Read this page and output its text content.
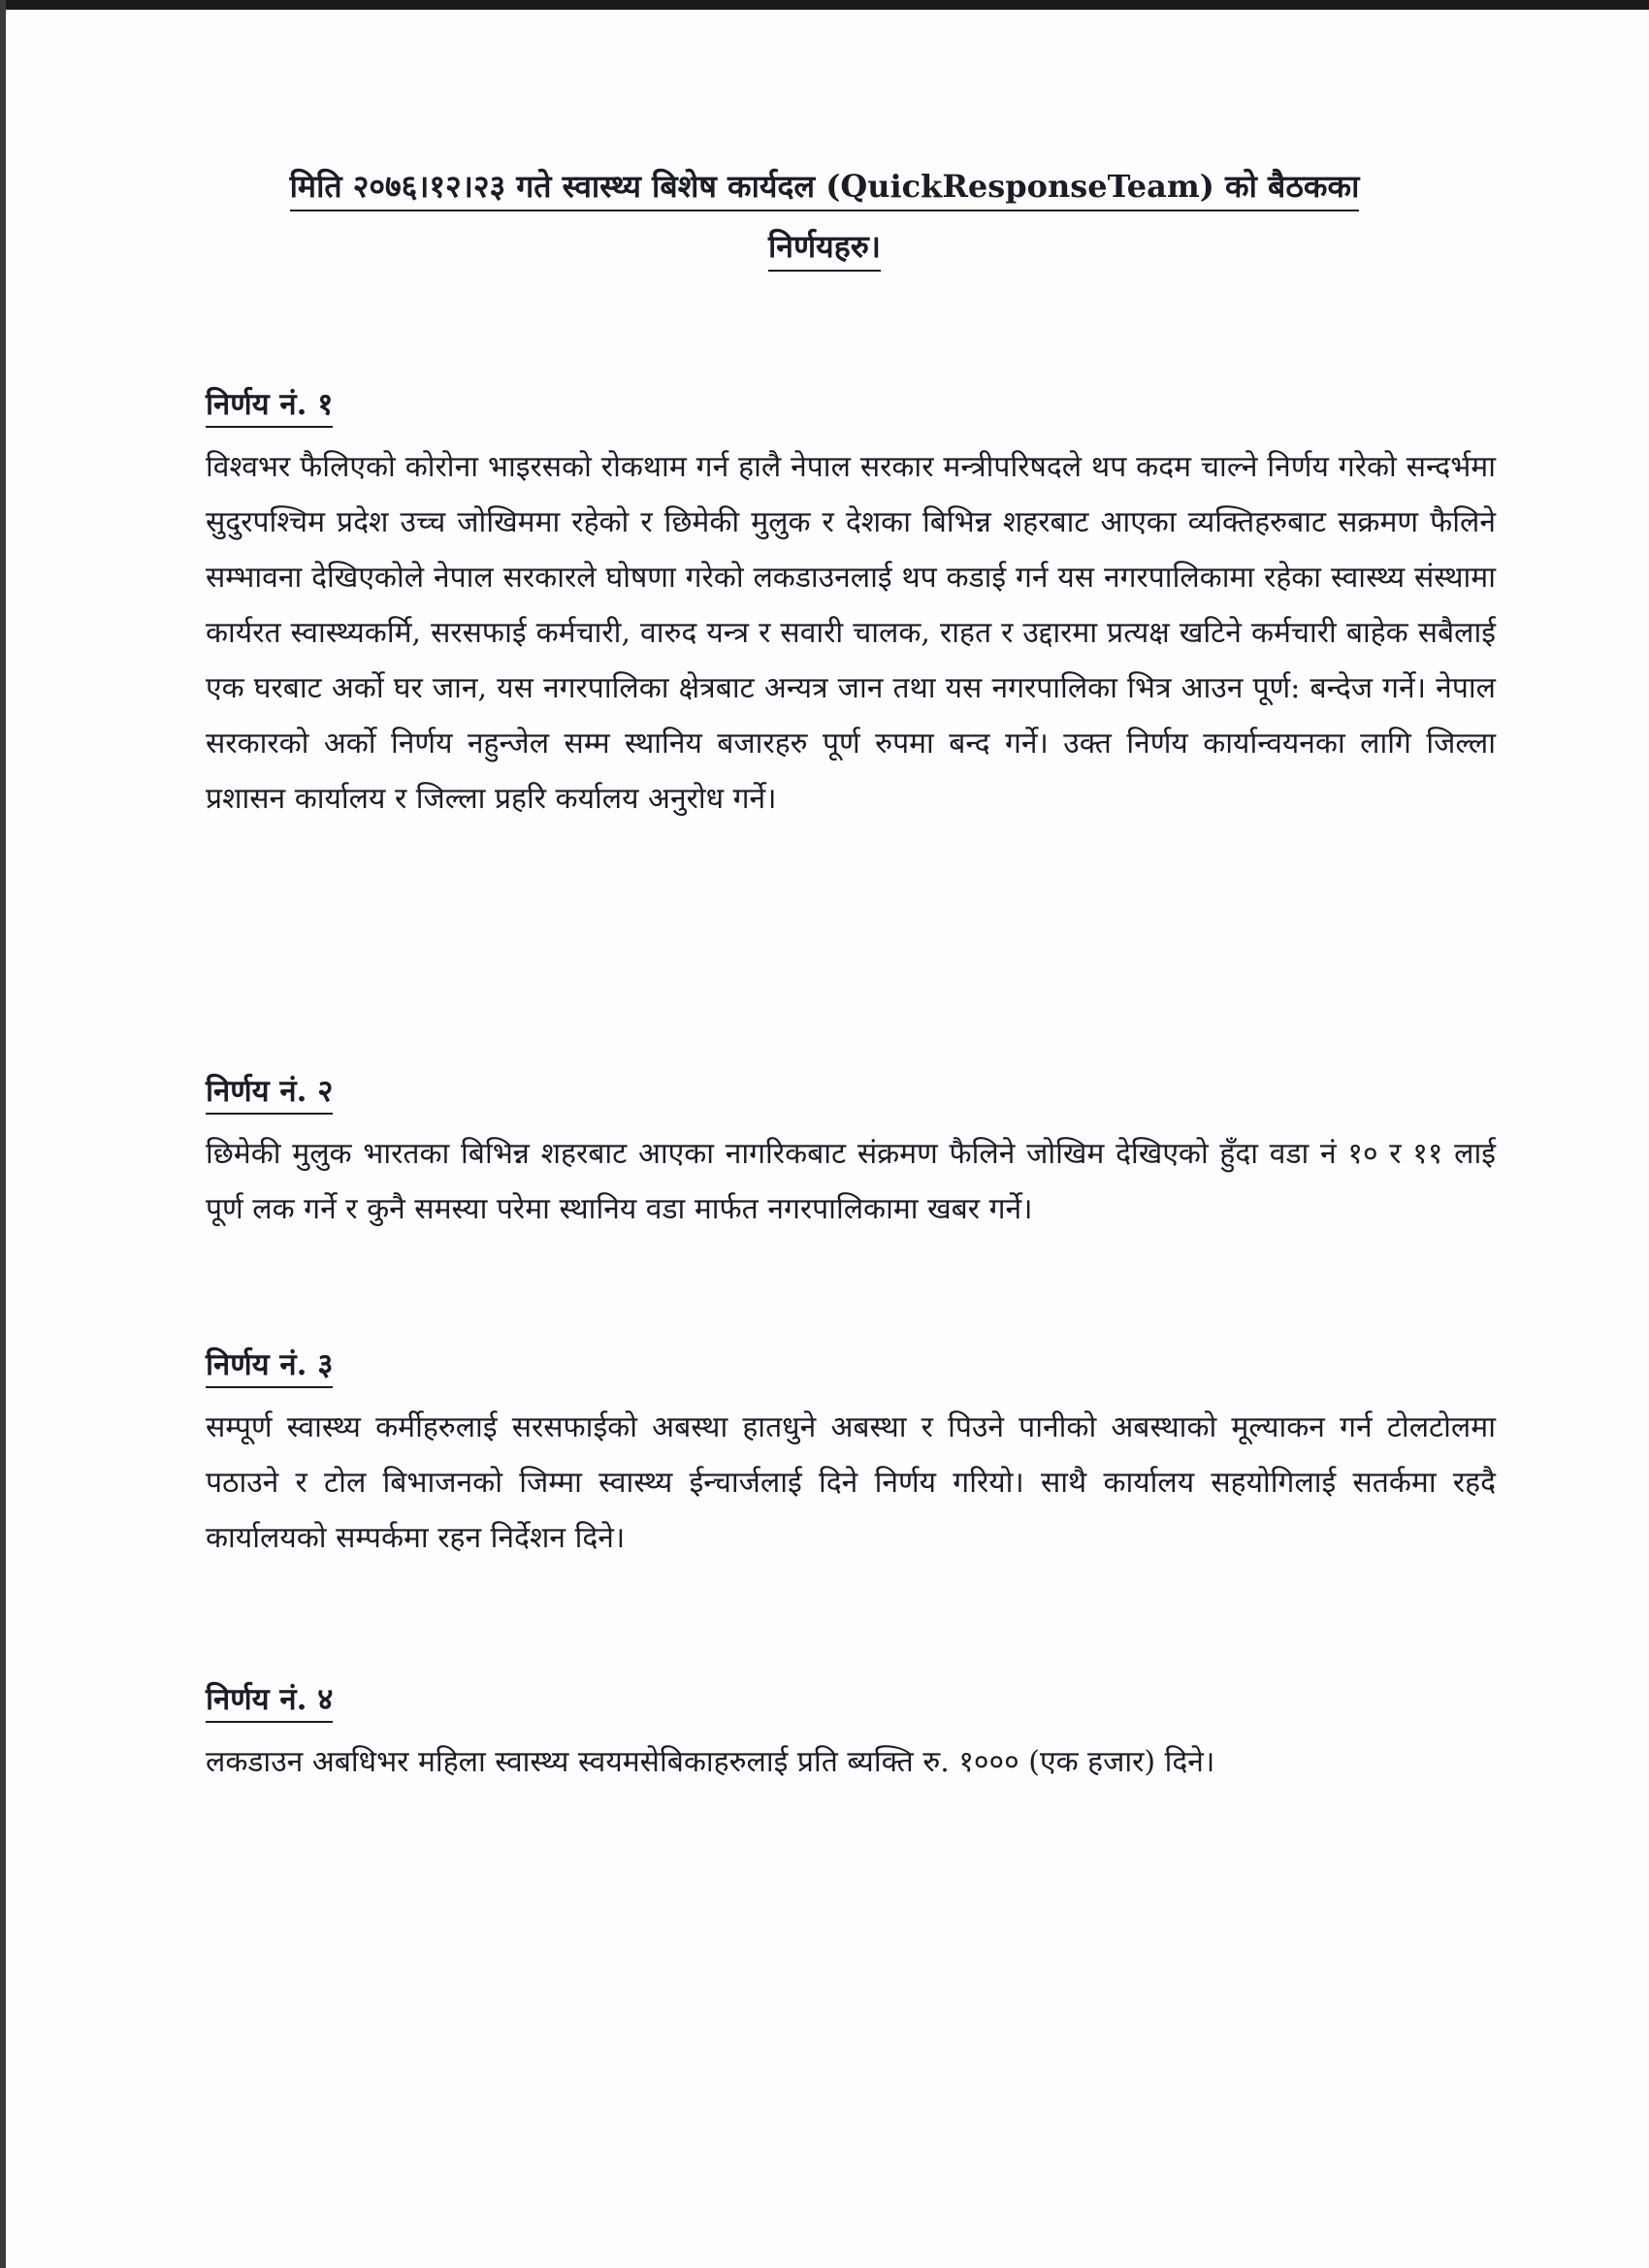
मिति २०७६।१२।२३ गते स्वास्थ्य बिशेष कार्यदल (QuickResponseTeam) को बैठकका
निर्णयहरु।
निर्णय नं. १
विश्वभर फैलिएको कोरोना भाइरसको रोकथाम गर्न हालै नेपाल सरकार मन्त्रीपरिषदले थप कदम चाल्ने निर्णय गरेको सन्दर्भमा सुदुरपश्चिम प्रदेश उच्च जोखिममा रहेको र छिमेकी मुलुक र देशका बिभिन्न शहरबाट आएका व्यक्तिहरुबाट सक्रमण फैलिने सम्भावना देखिएकोले नेपाल सरकारले घोषणा गरेको लकडाउनलाई थप कडाई गर्न यस नगरपालिकामा रहेका स्वास्थ्य संस्थामा कार्यरत स्वास्थ्यकर्मि, सरसफाई कर्मचारी, वारुद यन्त्र र सवारी चालक, राहत र उद्दारमा प्रत्यक्ष खटिने कर्मचारी बाहेक सबैलाई एक घरबाट अर्को घर जान, यस नगरपालिका क्षेत्रबाट अन्यत्र जान तथा यस नगरपालिका भित्र आउन पूर्ण: बन्देज गर्ने। नेपाल सरकारको अर्को निर्णय नहुन्जेल सम्म स्थानिय बजारहरु पूर्ण रुपमा बन्द गर्ने। उक्त निर्णय कार्यान्वयनका लागि जिल्ला प्रशासन कार्यालय र जिल्ला प्रहरि कर्यालय अनुरोध गर्ने।
निर्णय नं. २
छिमेकी मुलुक भारतका बिभिन्न शहरबाट आएका नागरिकबाट संक्रमण फैलिने जोखिम देखिएको हुँदा वडा नं १० र ११ लाई पूर्ण लक गर्ने र कुनै समस्या परेमा स्थानिय वडा मार्फत नगरपालिकामा खबर गर्ने।
निर्णय नं. ३
सम्पूर्ण स्वास्थ्य कर्मीहरुलाई सरसफाईको अबस्था हातधुने अबस्था र पिउने पानीको अबस्थाको मूल्याकन गर्न टोलटोलमा पठाउने र टोल बिभाजनको जिम्मा स्वास्थ्य ईन्चार्जलाई दिने निर्णय गरियो। साथै कार्यालय सहयोगिलाई सतर्कमा रहदै कार्यालयको सम्पर्कमा रहन निर्देशन दिने।
निर्णय नं. ४
लकडाउन अबधिभर महिला स्वास्थ्य स्वयमसेबिकाहरुलाई प्रति ब्यक्ति रु. १००० (एक हजार) दिने।
